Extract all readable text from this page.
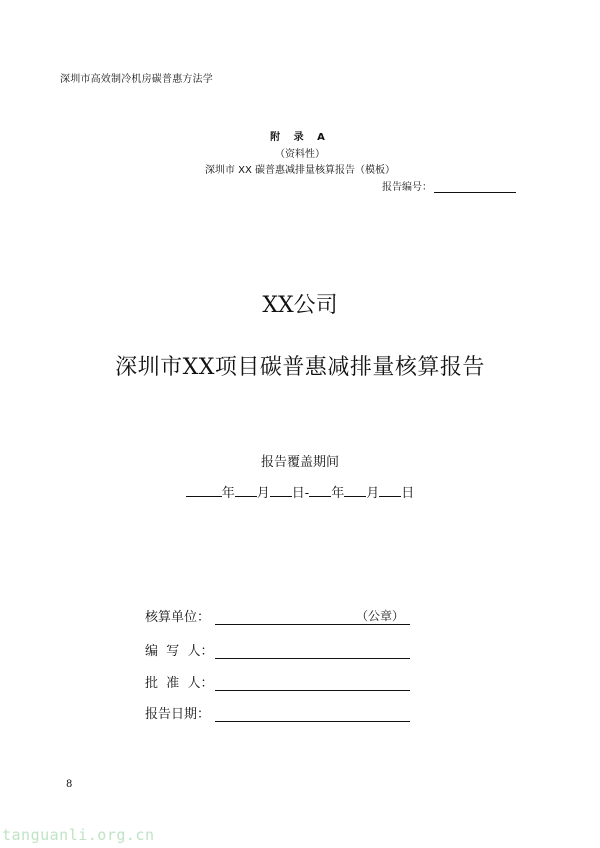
深圳市高效制冷机房碳普惠方法学
附 录 A
（资料性）
深圳市 XX 碳普惠减排量核算报告（模板）
报告编号：
XX公司
深圳市XX项目碳普惠减排量核算报告
报告覆盖期间
年 月 日- 年 月 日
核算单位：	（公章）
编  写  人：
批  准  人：
报告日期：
8
tanguanli.org.cn
